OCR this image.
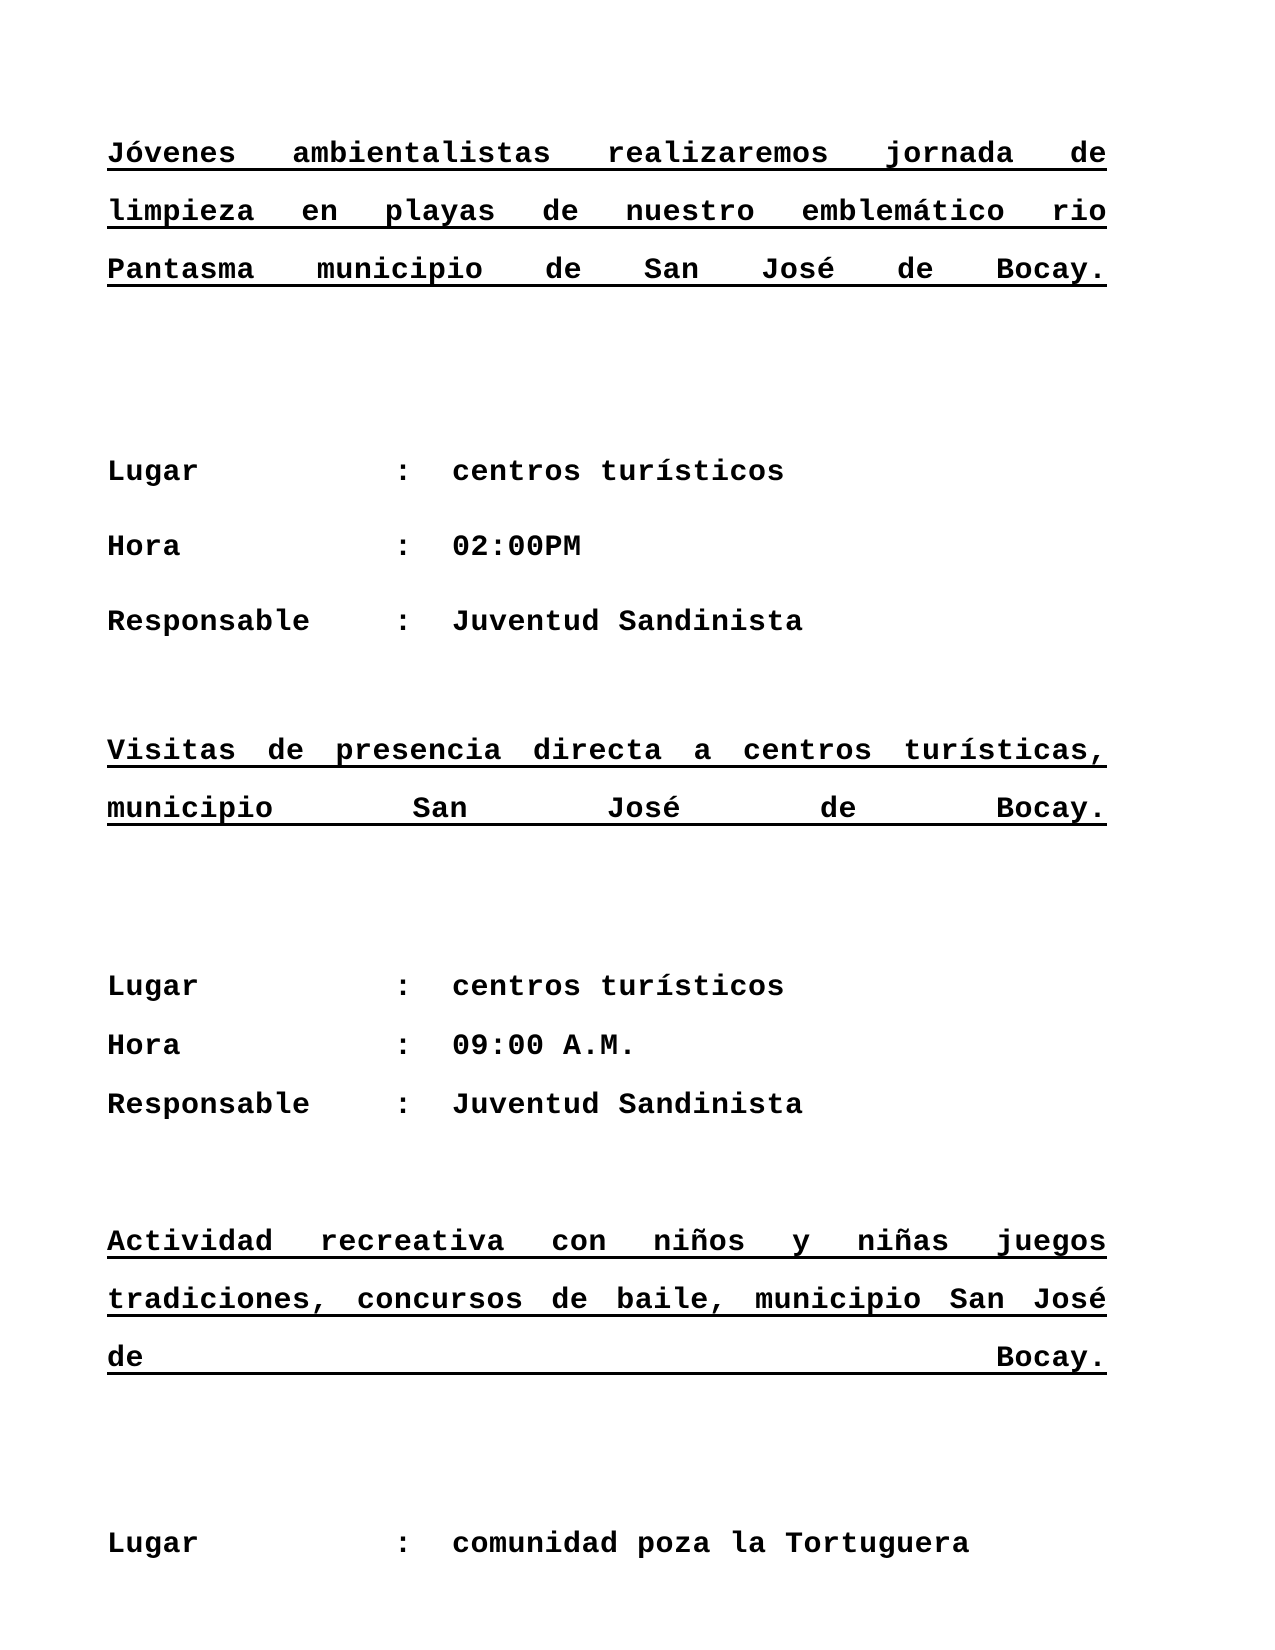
Jóvenes ambientalistas realizaremos jornada de limpieza en playas de nuestro emblemático rio Pantasma municipio de San José de Bocay.

Lugar	:	centros turísticos
Hora	:	02:00PM
Responsable	:	Juventud Sandinista

Visitas de presencia directa a centros turísticas, municipio San José de Bocay.

Lugar	:	centros turísticos
Hora	:	09:00 A.M.
Responsable	:	Juventud Sandinista

Actividad recreativa con niños y niñas juegos tradiciones, concursos de baile, municipio San José de Bocay.

Lugar	:	comunidad poza la Tortuguera
